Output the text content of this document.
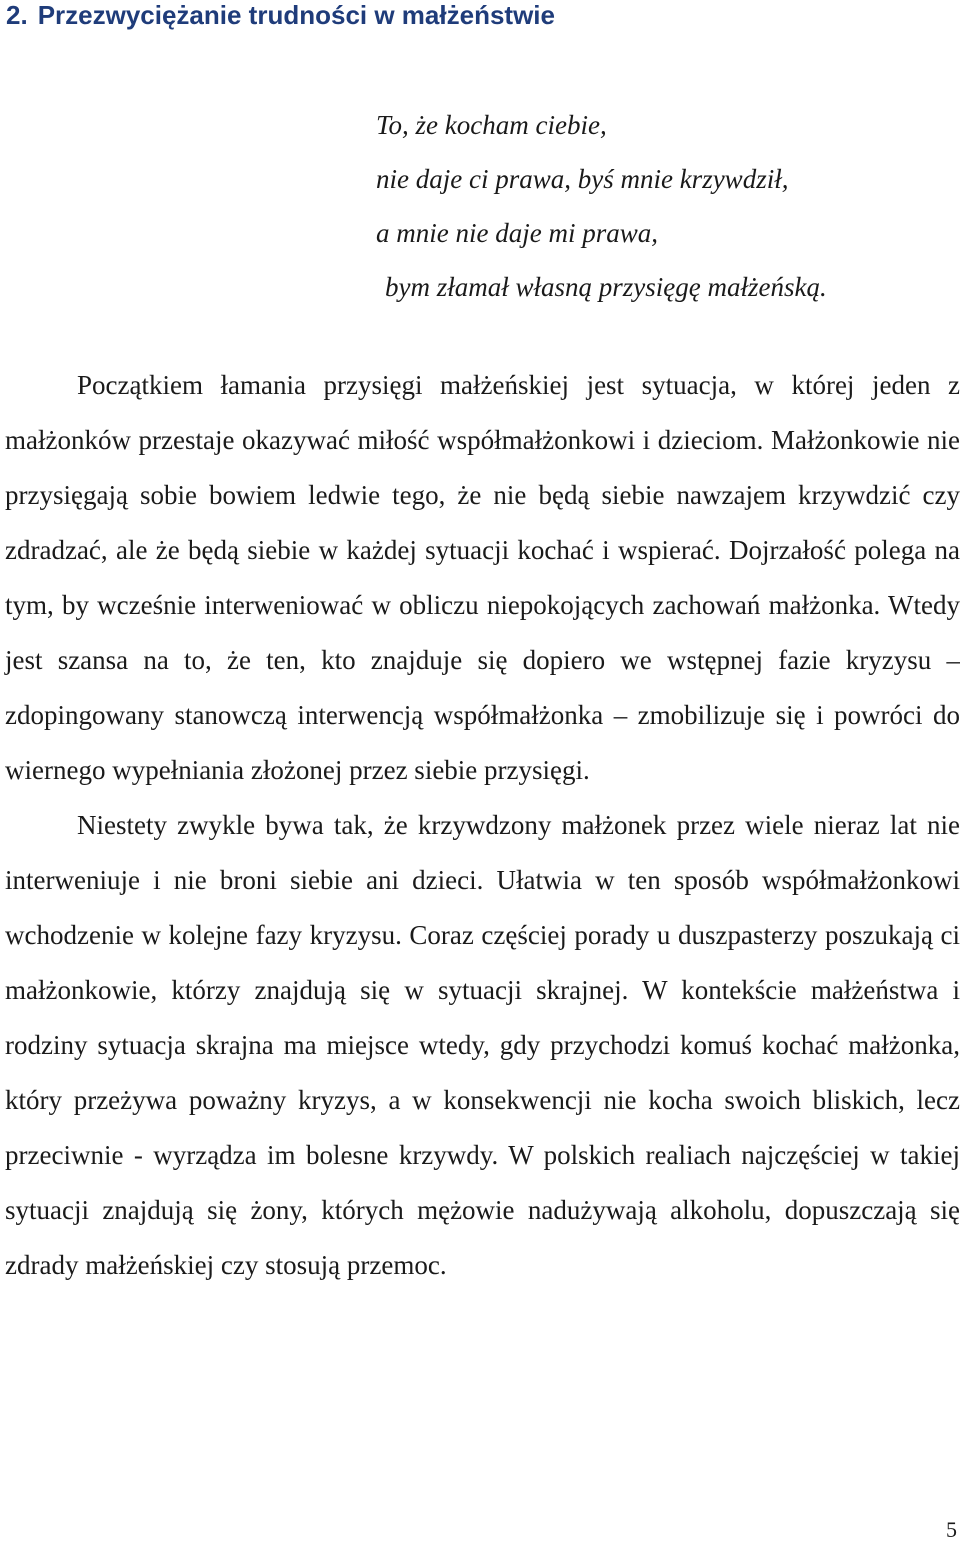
2. Przezwyciężanie trudności w małżeństwie
To, że kocham ciebie,
nie daje ci prawa, byś mnie krzywdził,
a mnie nie daje mi prawa,
bym złamał własną przysięgę małżeńską.

Początkiem łamania przysięgi małżeńskiej jest sytuacja, w której jeden z małżonków przestaje okazywać miłość współmałżonkowi i dzieciom. Małżonkowie nie przysięgają sobie bowiem ledwie tego, że nie będą siebie nawzajem krzywdzić czy zdradzać, ale że będą siebie w każdej sytuacji kochać i wspierać. Dojrzałość polega na tym, by wcześnie interweniować w obliczu niepokojących zachowań małżonka. Wtedy jest szansa na to, że ten, kto znajduje się dopiero we wstępnej fazie kryzysu – zdopingowany stanowczą interwencją współmałżonka – zmobilizuje się i powróci do wiernego wypełniania złożonej przez siebie przysięgi.

Niestety zwykle bywa tak, że krzywdzony małżonek przez wiele nieraz lat nie interweniuje i nie broni siebie ani dzieci. Ułatwia w ten sposób współmałżonkowi wchodzenie w kolejne fazy kryzysu. Coraz częściej porady u duszpasterzy poszukają ci małżonkowie, którzy znajdują się w sytuacji skrajnej. W kontekście małżeństwa i rodziny sytuacja skrajna ma miejsce wtedy, gdy przychodzi komuś kochać małżonka, który przeżywa poważny kryzys, a w konsekwencji nie kocha swoich bliskich, lecz przeciwnie - wyrządza im bolesne krzywdy. W polskich realiach najczęściej w takiej sytuacji znajdują się żony, których mężowie nadużywają alkoholu, dopuszczają się zdrady małżeńskiej czy stosują przemoc.

5
